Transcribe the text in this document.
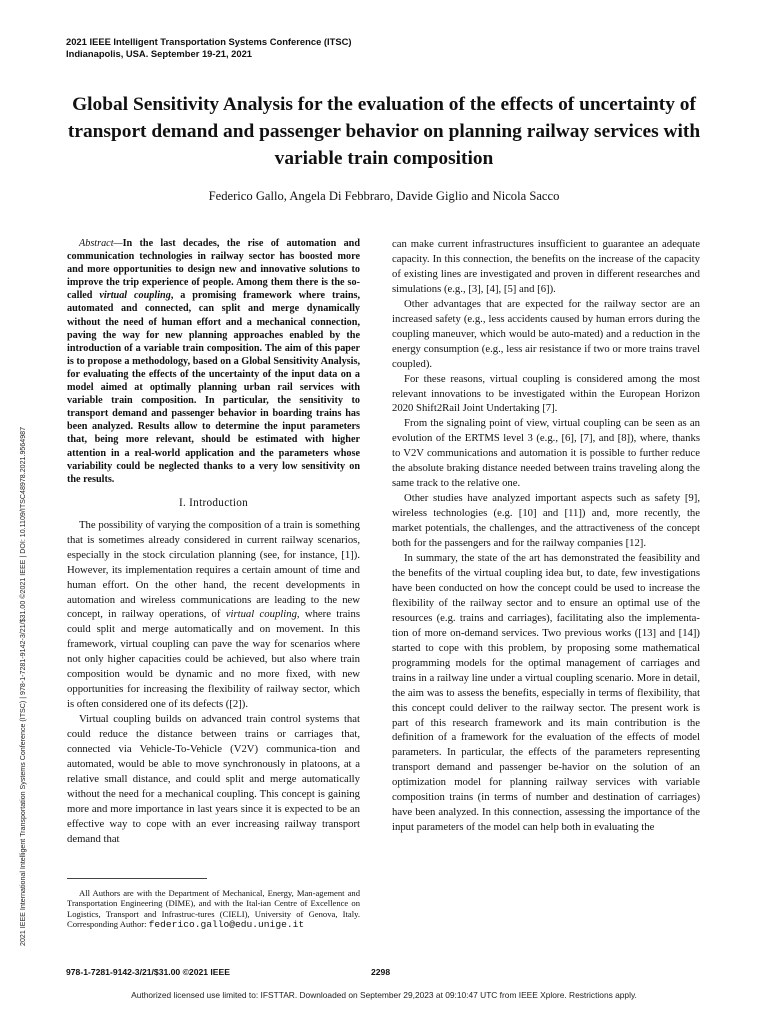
2021 IEEE Intelligent Transportation Systems Conference (ITSC)
Indianapolis, USA. September 19-21, 2021
Global Sensitivity Analysis for the evaluation of the effects of uncertainty of transport demand and passenger behavior on planning railway services with variable train composition
Federico Gallo, Angela Di Febbraro, Davide Giglio and Nicola Sacco
2021 IEEE International Intelligent Transportation Systems Conference (ITSC) | 978-1-7281-9142-3/21/$31.00 ©2021 IEEE | DOI: 10.1109/ITSC48978.2021.9564987

Abstract—In the last decades, the rise of automation and communication technologies in railway sector has boosted more and more opportunities to design new and innovative solutions to improve the trip experience of people. Among them there is the so-called virtual coupling, a promising framework where trains, automated and connected, can split and merge dynamically without the need of human effort and a mechanical connection, paving the way for new planning approaches enabled by the introduction of a variable train composition. The aim of this paper is to propose a methodology, based on a Global Sensitivity Analysis, for evaluating the effects of the uncertainty of the input data on a model aimed at optimally planning urban rail services with variable train composition. In particular, the sensitivity to transport demand and passenger behavior in boarding trains has been analyzed. Results allow to determine the input parameters that, being more relevant, should be estimated with higher attention in a real-world application and the parameters whose variability could be neglected thanks to a very low sensitivity on the results.

I. Introduction

The possibility of varying the composition of a train is something that is sometimes already considered in current railway scenarios, especially in the stock circulation planning (see, for instance, [1]). However, its implementation requires a certain amount of time and human effort. On the other hand, the recent developments in automation and wireless communications are leading to the new concept, in railway operations, of virtual coupling, where trains could split and merge automatically and on movement. In this framework, virtual coupling can pave the way for scenarios where not only higher capacities could be achieved, but also where train composition would be dynamic and no more fixed, with new opportunities for increasing the flexibility of railway sector, which is often considered one of its defects ([2]).

Virtual coupling builds on advanced train control systems that could reduce the distance between trains or carriages that, connected via Vehicle-To-Vehicle (V2V) communica-tion and automated, would be able to move synchronously in platoons, at a relative small distance, and could split and merge automatically without the need for a mechanical coupling. This concept is gaining more and more importance in last years since it is expected to be an effective way to cope with an ever increasing railway transport demand that

All Authors are with the Department of Mechanical, Energy, Man-agement and Transportation Engineering (DIME), and with the Ital-ian Centre of Excellence on Logistics, Transport and Infrastruc-tures (CIELI), University of Genova, Italy. Corresponding Author: federico.gallo@edu.unige.it

can make current infrastructures insufficient to guarantee an adequate capacity. In this connection, the benefits on the increase of the capacity of existing lines are investigated and proven in different researches and simulations (e.g., [3], [4], [5] and [6]).

Other advantages that are expected for the railway sector are an increased safety (e.g., less accidents caused by human errors during the coupling maneuver, which would be auto-mated) and a reduction in the energy consumption (e.g., less air resistance if two or more trains travel coupled).

For these reasons, virtual coupling is considered among the most relevant innovations to be investigated within the European Horizon 2020 Shift2Rail Joint Undertaking [7].

From the signaling point of view, virtual coupling can be seen as an evolution of the ERTMS level 3 (e.g., [6], [7], and [8]), where, thanks to V2V communications and automation it is possible to further reduce the absolute braking distance needed between trains traveling along the same track to the relative one.

Other studies have analyzed important aspects such as safety [9], wireless technologies (e.g. [10] and [11]) and, more recently, the market potentials, the challenges, and the attractiveness of the concept both for the passengers and for the railway companies [12].

In summary, the state of the art has demonstrated the feasibility and the benefits of the virtual coupling idea but, to date, few investigations have been conducted on how the concept could be used to increase the flexibility of the railway sector and to ensure an optimal use of the resources (e.g. trains and carriages), facilitating also the implementa-tion of more on-demand services. Two previous works ([13] and [14]) started to cope with this problem, by proposing some mathematical programming models for the optimal management of carriages and trains in a railway line under a virtual coupling scenario. More in detail, the aim was to assess the benefits, especially in terms of flexibility, that this concept could deliver to the railway sector. The present work is part of this research framework and its main contribution is the definition of a framework for the evaluation of the effects of model parameters. In particular, the effects of the parameters representing transport demand and passenger be-havior on the solution of an optimization model for planning railway services with variable composition trains (in terms of number and destination of carriages) have been analyzed. In this connection, assessing the importance of the input parameters of the model can help both in evaluating the

978-1-7281-9142-3/21/$31.00 ©2021 IEEE	2298
Authorized licensed use limited to: IFSTTAR. Downloaded on September 29,2023 at 09:10:47 UTC from IEEE Xplore. Restrictions apply.
